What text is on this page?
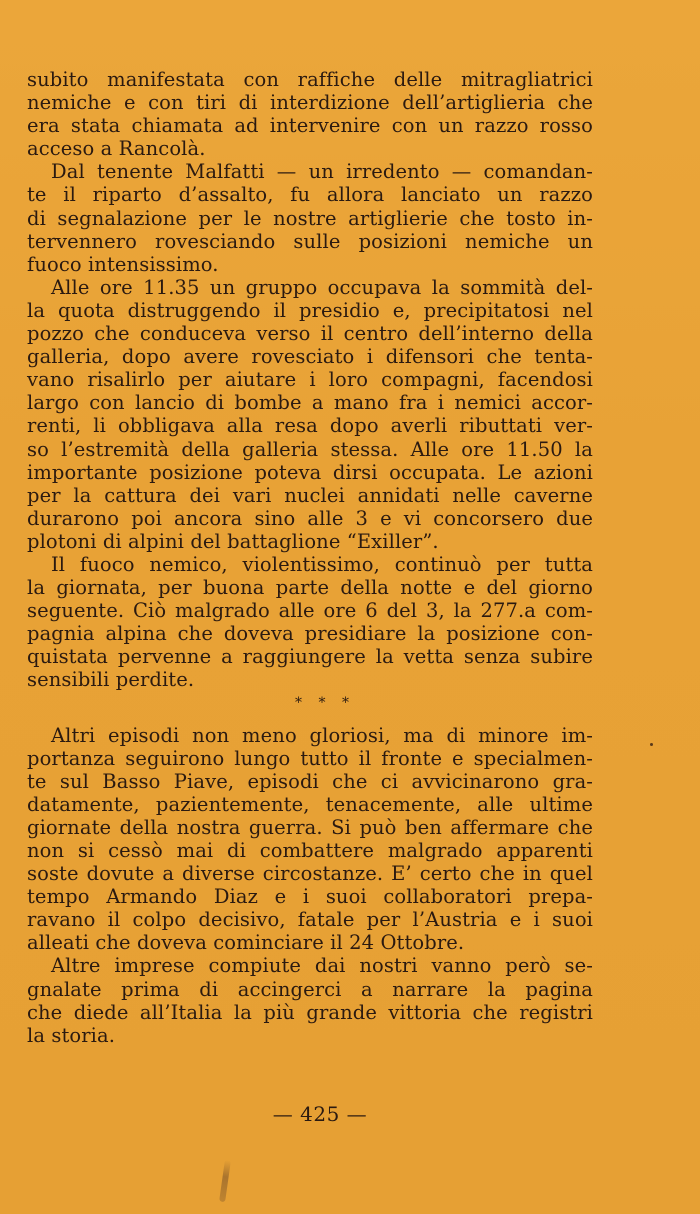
subito manifestata con raffiche delle mitragliatrici
nemiche e con tiri di interdizione dell’artiglieria che
era stata chiamata ad intervenire con un razzo rosso
acceso a Rancolà.
Dal tenente Malfatti — un irredento — comandan-
te il riparto d’assalto, fu allora lanciato un razzo
di segnalazione per le nostre artiglierie che tosto in-
tervennero rovesciando sulle posizioni nemiche un
fuoco intensissimo.
Alle ore 11.35 un gruppo occupava la sommità del-
la quota distruggendo il presidio e, precipitatosi nel
pozzo che conduceva verso il centro dell’interno della
galleria, dopo avere rovesciato i difensori che tenta-
vano risalirlo per aiutare i loro compagni, facendosi
largo con lancio di bombe a mano fra i nemici accor-
renti, li obbligava alla resa dopo averli ributtati ver-
so l’estremità della galleria stessa. Alle ore 11.50 la
importante posizione poteva dirsi occupata. Le azioni
per la cattura dei vari nuclei annidati nelle caverne
durarono poi ancora sino alle 3 e vi concorsero due
plotoni di alpini del battaglione “Exiller”.
Il fuoco nemico, violentissimo, continuò per tutta
la giornata, per buona parte della notte e del giorno
seguente. Ciò malgrado alle ore 6 del 3, la 277.a com-
pagnia alpina che doveva presidiare la posizione con-
quistata pervenne a raggiungere la vetta senza subire
sensibili perdite.
* * *
Altri episodi non meno gloriosi, ma di minore im-
portanza seguirono lungo tutto il fronte e specialmen-
te sul Basso Piave, episodi che ci avvicinarono gra-
datamente, pazientemente, tenacemente, alle ultime
giornate della nostra guerra. Si può ben affermare che
non si cessò mai di combattere malgrado apparenti
soste dovute a diverse circostanze. E’ certo che in quel
tempo Armando Diaz e i suoi collaboratori prepa-
ravano il colpo decisivo, fatale per l’Austria e i suoi
alleati che doveva cominciare il 24 Ottobre.
Altre imprese compiute dai nostri vanno però se-
gnalate prima di accingerci a narrare la pagina
che diede all’Italia la più grande vittoria che registri
la storia.
— 425 —
